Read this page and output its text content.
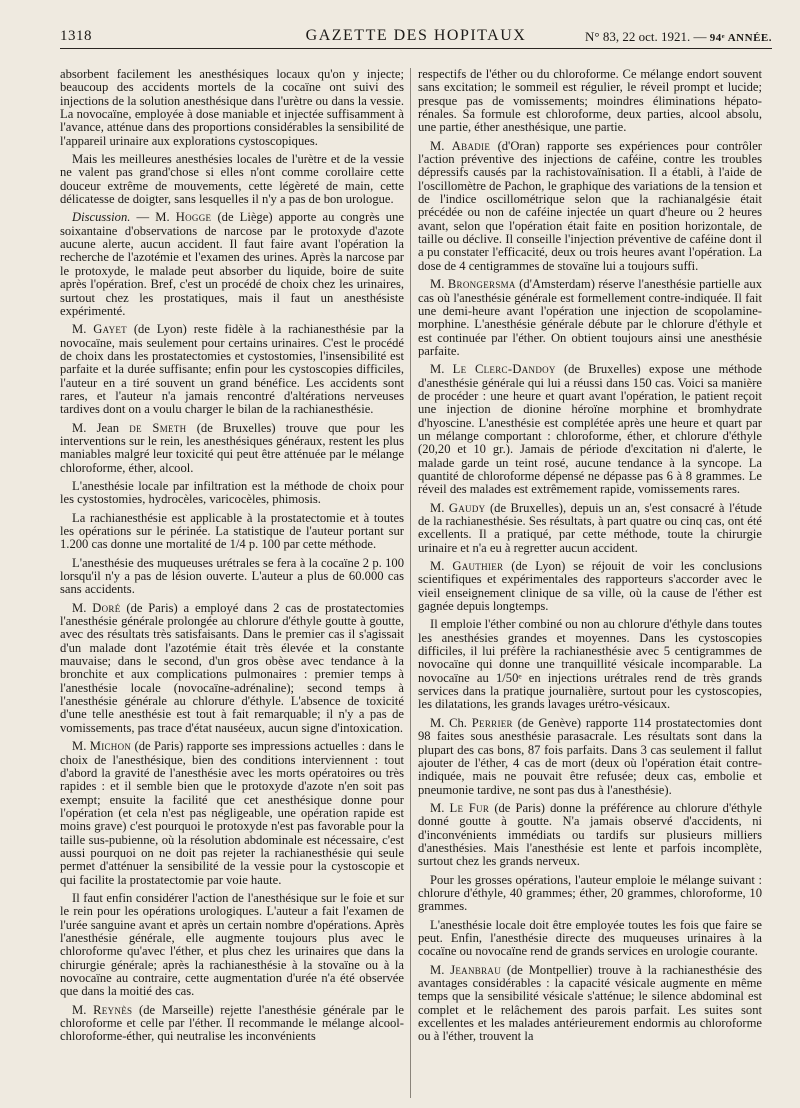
1318	GAZETTE DES HOPITAUX	N° 83, 22 oct. 1921. — 94ᵉ ANNÉE.

absorbent facilement les anesthésiques locaux qu'on y injecte; beaucoup des accidents mortels de la cocaïne ont suivi des injections de la solution anesthésique dans l'urètre ou dans la vessie. La novocaïne, employée à dose maniable et injectée suffisamment à l'avance, atténue dans des proportions considérables la sensibilité de l'appareil urinaire aux explorations cystoscopiques.

Mais les meilleures anesthésies locales de l'urètre et de la vessie ne valent pas grand'chose si elles n'ont comme corollaire cette douceur extrême de mouvements, cette légèreté de main, cette délicatesse de doigter, sans lesquelles il n'y a pas de bon urologue.

Discussion. — M. Hogge (de Liège) apporte au congrès une soixantaine d'observations de narcose par le protoxyde d'azote aucune alerte, aucun accident. Il faut faire avant l'opération la recherche de l'azotémie et l'examen des urines. Après la narcose par le protoxyde, le malade peut absorber du liquide, boire de suite après l'opération. Bref, c'est un procédé de choix chez les urinaires, surtout chez les prostatiques, mais il faut un anesthésiste expérimenté.

M. Gayet (de Lyon) reste fidèle à la rachianesthésie par la novocaïne, mais seulement pour certains urinaires. C'est le procédé de choix dans les prostatectomies et cystostomies, l'insensibilité est parfaite et la durée suffisante; enfin pour les cystoscopies difficiles, l'auteur en a tiré souvent un grand bénéfice. Les accidents sont rares, et l'auteur n'a jamais rencontré d'altérations nerveuses tardives dont on a voulu charger le bilan de la rachianesthésie.

M. Jean de Smeth (de Bruxelles) trouve que pour les interventions sur le rein, les anesthésiques généraux, restent les plus maniables malgré leur toxicité qui peut être atténuée par le mélange chloroforme, éther, alcool.

L'anesthésie locale par infiltration est la méthode de choix pour les cystostomies, hydrocèles, varicocèles, phimosis.

La rachianesthésie est applicable à la prostatectomie et à toutes les opérations sur le périnée. La statistique de l'auteur portant sur 1.200 cas donne une mortalité de 1/4 p. 100 par cette méthode.

L'anesthésie des muqueuses urétrales se fera à la cocaïne 2 p. 100 lorsqu'il n'y a pas de lésion ouverte. L'auteur a plus de 60.000 cas sans accidents.

M. Doré (de Paris) a employé dans 2 cas de prostatectomies l'anesthésie générale prolongée au chlorure d'éthyle goutte à goutte, avec des résultats très satisfaisants. Dans le premier cas il s'agissait d'un malade dont l'azotémie était très élevée et la constante mauvaise; dans le second, d'un gros obèse avec tendance à la bronchite et aux complications pulmonaires : premier temps à l'anesthésie locale (novocaïne-adrénaline); second temps à l'anesthésie générale au chlorure d'éthyle. L'absence de toxicité d'une telle anesthésie est tout à fait remarquable; il n'y a pas de vomissements, pas trace d'état nauséeux, aucun signe d'intoxication.

M. Michon (de Paris) rapporte ses impressions actuelles : dans le choix de l'anesthésique, bien des conditions interviennent : tout d'abord la gravité de l'anesthésie avec les morts opératoires ou très rapides : et il semble bien que le protoxyde d'azote n'en soit pas exempt; ensuite la facilité que cet anesthésique donne pour l'opération (et cela n'est pas négligeable, une opération rapide est moins grave) c'est pourquoi le protoxyde n'est pas favorable pour la taille sus-pubienne, où la résolution abdominale est nécessaire, c'est aussi pourquoi on ne doit pas rejeter la rachianesthésie qui seule permet d'atténuer la sensibilité de la vessie pour la cystoscopie et qui facilite la prostatectomie par voie haute.

Il faut enfin considérer l'action de l'anesthésique sur le foie et sur le rein pour les opérations urologiques. L'auteur a fait l'examen de l'urée sanguine avant et après un certain nombre d'opérations. Après l'anesthésie générale, elle augmente toujours plus avec le chloroforme qu'avec l'éther, et plus chez les urinaires que dans la chirurgie générale; après la rachianesthésie à la stovaïne ou à la novocaïne au contraire, cette augmentation d'urée n'a été observée que dans la moitié des cas.

M. Reynès (de Marseille) rejette l'anesthésie générale par le chloroforme et celle par l'éther. Il recommande le mélange alcool-chloroforme-éther, qui neutralise les inconvénients

respectifs de l'éther ou du chloroforme. Ce mélange endort souvent sans excitation; le sommeil est régulier, le réveil prompt et lucide; presque pas de vomissements; moindres éliminations hépato-rénales. Sa formule est chloroforme, deux parties, alcool absolu, une partie, éther anesthésique, une partie.

M. Abadie (d'Oran) rapporte ses expériences pour contrôler l'action préventive des injections de caféine, contre les troubles dépressifs causés par la rachistovaïnisation. Il a établi, à l'aide de l'oscillomètre de Pachon, le graphique des variations de la tension et de l'indice oscillométrique selon que la rachianalgésie était précédée ou non de caféine injectée un quart d'heure ou 2 heures avant, selon que l'opération était faite en position horizontale, de taille ou déclive. Il conseille l'injection préventive de caféine dont il a pu constater l'efficacité, deux ou trois heures avant l'opération. La dose de 4 centigrammes de stovaïne lui a toujours suffi.

M. Brongersma (d'Amsterdam) réserve l'anesthésie partielle aux cas où l'anesthésie générale est formellement contre-indiquée. Il fait une demi-heure avant l'opération une injection de scopolamine-morphine. L'anesthésie générale débute par le chlorure d'éthyle et est continuée par l'éther. On obtient toujours ainsi une anesthésie parfaite.

M. Le Clerc-Dandoy (de Bruxelles) expose une méthode d'anesthésie générale qui lui a réussi dans 150 cas. Voici sa manière de procéder : une heure et quart avant l'opération, le patient reçoit une injection de dionine héroïne morphine et bromhydrate d'hyoscine. L'anesthésie est complétée après une heure et quart par un mélange comportant : chloroforme, éther, et chlorure d'éthyle (20,20 et 10 gr.). Jamais de période d'excitation ni d'alerte, le malade garde un teint rosé, aucune tendance à la syncope. La quantité de chloroforme dépensé ne dépasse pas 6 à 8 grammes. Le réveil des malades est extrêmement rapide, vomissements rares.

M. Gaudy (de Bruxelles), depuis un an, s'est consacré à l'étude de la rachianesthésie. Ses résultats, à part quatre ou cinq cas, ont été excellents. Il a pratiqué, par cette méthode, toute la chirurgie urinaire et n'a eu à regretter aucun accident.

M. Gauthier (de Lyon) se réjouit de voir les conclusions scientifiques et expérimentales des rapporteurs s'accorder avec le vieil enseignement clinique de sa ville, où la cause de l'éther est gagnée depuis longtemps.

Il emploie l'éther combiné ou non au chlorure d'éthyle dans toutes les anesthésies grandes et moyennes. Dans les cystoscopies difficiles, il lui préfère la rachianesthésie avec 5 centigrammes de novocaïne qui donne une tranquillité vésicale incomparable. La novocaïne au 1/50ᵉ en injections urétrales rend de très grands services dans la pratique journalière, surtout pour les cystoscopies, les dilatations, les grands lavages urétro-vésicaux.

M. Ch. Perrier (de Genève) rapporte 114 prostatectomies dont 98 faites sous anesthésie parasacrale. Les résultats sont dans la plupart des cas bons, 87 fois parfaits. Dans 3 cas seulement il fallut ajouter de l'éther, 4 cas de mort (deux où l'opération était contre-indiquée, mais ne pouvait être refusée; deux cas, embolie et pneumonie tardive, ne sont pas dus à l'anesthésie).

M. Le Fur (de Paris) donne la préférence au chlorure d'éthyle donné goutte à goutte. N'a jamais observé d'accidents, ni d'inconvénients immédiats ou tardifs sur plusieurs milliers d'anesthésies. Mais l'anesthésie est lente et parfois incomplète, surtout chez les grands nerveux.

Pour les grosses opérations, l'auteur emploie le mélange suivant : chlorure d'éthyle, 40 grammes; éther, 20 grammes, chloroforme, 10 grammes.

L'anesthésie locale doit être employée toutes les fois que faire se peut. Enfin, l'anesthésie directe des muqueuses urinaires à la cocaïne ou novocaïne rend de grands services en urologie courante.

M. Jeanbrau (de Montpellier) trouve à la rachianesthésie des avantages considérables : la capacité vésicale augmente en même temps que la sensibilité vésicale s'atténue; le silence abdominal est complet et le relâchement des parois parfait. Les suites sont excellentes et les malades antérieurement endormis au chloroforme ou à l'éther, trouvent la
